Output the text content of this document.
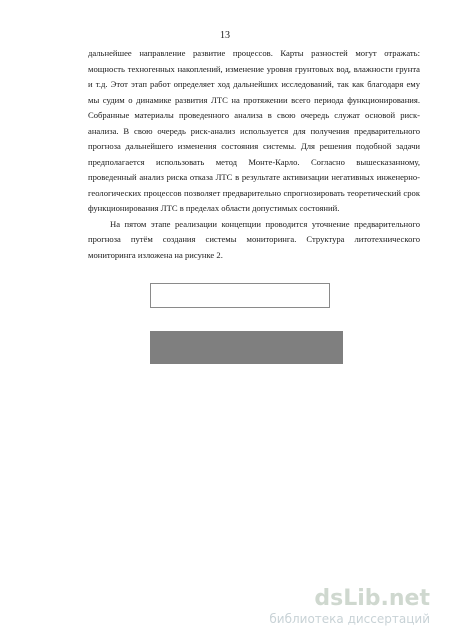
13

дальнейшее направление развитие процессов. Карты разностей могут отражать: мощность техногенных накоплений, изменение уровня грунтовых вод, влажности грунта и т.д. Этот этап работ определяет ход дальнейших исследований, так как благодаря ему мы судим о динамике развития ЛТС на протяжении всего периода функционирования. Собранные материалы проведенного анализа в свою очередь служат основой риск-анализа. В свою очередь риск-анализ используется для получения предварительного прогноза дальнейшего изменения состояния системы. Для решения подобной задачи предполагается использовать метод Монте-Карло. Согласно вышесказанному, проведенный анализ риска отказа ЛТС в результате активизации негативных инженерно-геологических процессов позволяет предварительно спрогнозировать теоретический срок функционирования ЛТС в пределах области допустимых состояний.

На пятом этапе реализации концепции проводится уточнение предварительного прогноза путём создания системы мониторинга. Структура литотехнического мониторинга изложена на рисунке 2.

dsLib.net
библиотека диссертаций
